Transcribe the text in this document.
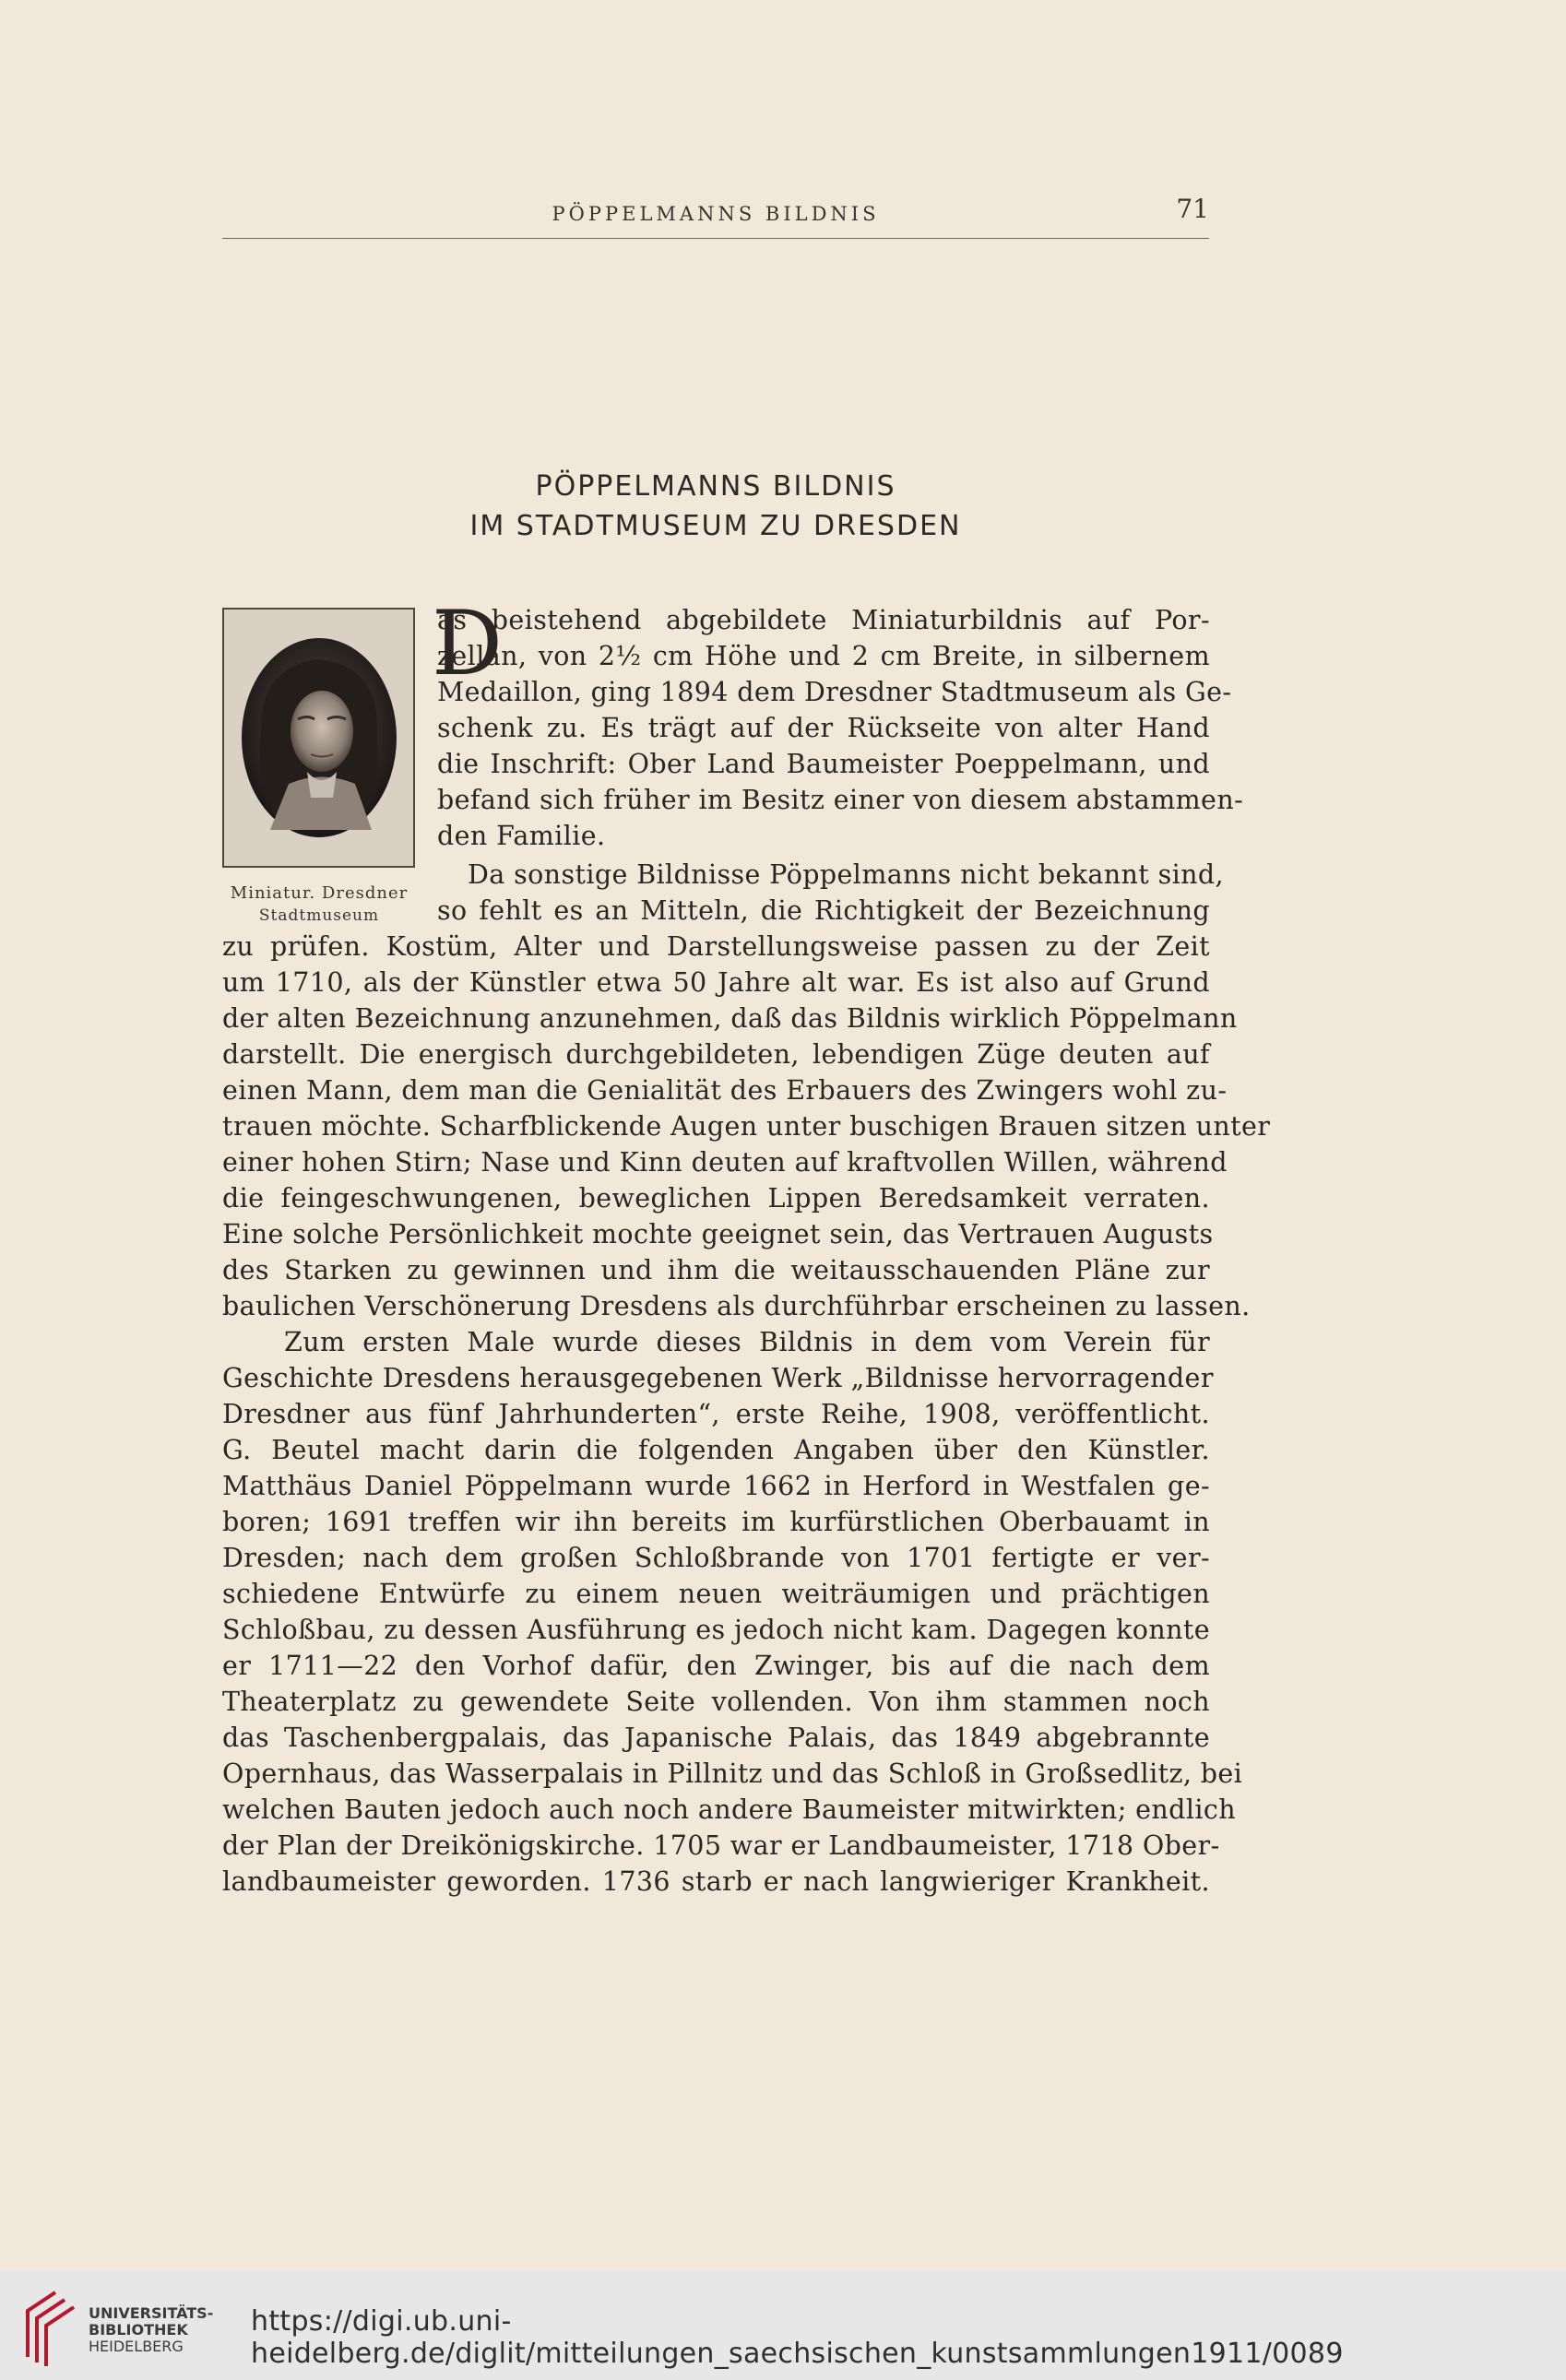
PÖPPELMANNS BILDNIS	71
PÖPPELMANNS BILDNIS
IM STADTMUSEUM ZU DRESDEN
Miniatur. Dresdner
Stadtmuseum
D
as beistehend abgebildete Miniaturbildnis auf Por-
zellan, von 2½ cm Höhe und 2 cm Breite, in silbernem
Medaillon, ging 1894 dem Dresdner Stadtmuseum als Ge-
schenk zu. Es trägt auf der Rückseite von alter Hand
die Inschrift: Ober Land Baumeister Poeppelmann, und
befand sich früher im Besitz einer von diesem abstammen-
den Familie.
Da sonstige Bildnisse Pöppelmanns nicht bekannt sind,
so fehlt es an Mitteln, die Richtigkeit der Bezeichnung
zu prüfen. Kostüm, Alter und Darstellungsweise passen zu der Zeit
um 1710, als der Künstler etwa 50 Jahre alt war. Es ist also auf Grund
der alten Bezeichnung anzunehmen, daß das Bildnis wirklich Pöppelmann
darstellt. Die energisch durchgebildeten, lebendigen Züge deuten auf
einen Mann, dem man die Genialität des Erbauers des Zwingers wohl zu-
trauen möchte. Scharfblickende Augen unter buschigen Brauen sitzen unter
einer hohen Stirn; Nase und Kinn deuten auf kraftvollen Willen, während
die feingeschwungenen, beweglichen Lippen Beredsamkeit verraten.
Eine solche Persönlichkeit mochte geeignet sein, das Vertrauen Augusts
des Starken zu gewinnen und ihm die weitausschauenden Pläne zur
baulichen Verschönerung Dresdens als durchführbar erscheinen zu lassen.
Zum ersten Male wurde dieses Bildnis in dem vom Verein für
Geschichte Dresdens herausgegebenen Werk „Bildnisse hervorragender
Dresdner aus fünf Jahrhunderten“, erste Reihe, 1908, veröffentlicht.
G. Beutel macht darin die folgenden Angaben über den Künstler.
Matthäus Daniel Pöppelmann wurde 1662 in Herford in Westfalen ge-
boren; 1691 treffen wir ihn bereits im kurfürstlichen Oberbauamt in
Dresden; nach dem großen Schloßbrande von 1701 fertigte er ver-
schiedene Entwürfe zu einem neuen weiträumigen und prächtigen
Schloßbau, zu dessen Ausführung es jedoch nicht kam. Dagegen konnte
er 1711—22 den Vorhof dafür, den Zwinger, bis auf die nach dem
Theaterplatz zu gewendete Seite vollenden. Von ihm stammen noch
das Taschenbergpalais, das Japanische Palais, das 1849 abgebrannte
Opernhaus, das Wasserpalais in Pillnitz und das Schloß in Großsedlitz, bei
welchen Bauten jedoch auch noch andere Baumeister mitwirkten; endlich
der Plan der Dreikönigskirche. 1705 war er Landbaumeister, 1718 Ober-
landbaumeister geworden. 1736 starb er nach langwieriger Krankheit.
UNIVERSITÄTS-
BIBLIOTHEK
HEIDELBERG
https://digi.ub.uni-heidelberg.de/diglit/mitteilungen_saechsischen_kunstsammlungen1911/0089
